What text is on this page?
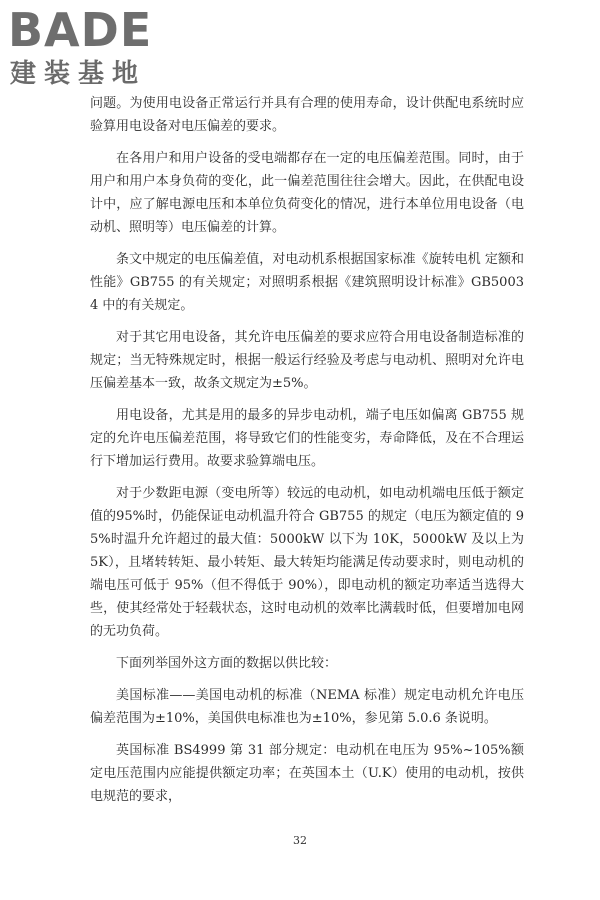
BADE
建装基地

问题。为使用电设备正常运行并具有合理的使用寿命，设计供配电系统时应验算用电设备对电压偏差的要求。

在各用户和用户设备的受电端都存在一定的电压偏差范围。同时，由于用户和用户本身负荷的变化，此一偏差范围往往会增大。因此，在供配电设计中，应了解电源电压和本单位负荷变化的情况，进行本单位用电设备（电动机、照明等）电压偏差的计算。

条文中规定的电压偏差值，对电动机系根据国家标准《旋转电机 定额和性能》GB755 的有关规定；对照明系根据《建筑照明设计标准》GB50034 中的有关规定。

对于其它用电设备，其允许电压偏差的要求应符合用电设备制造标准的规定；当无特殊规定时，根据一般运行经验及考虑与电动机、照明对允许电压偏差基本一致，故条文规定为±5%。

用电设备，尤其是用的最多的异步电动机，端子电压如偏离 GB755 规定的允许电压偏差范围，将导致它们的性能变劣，寿命降低，及在不合理运行下增加运行费用。故要求验算端电压。

对于少数距电源（变电所等）较远的电动机，如电动机端电压低于额定值的95%时，仍能保证电动机温升符合 GB755 的规定（电压为额定值的 95%时温升允许超过的最大值：5000kW 以下为 10K，5000kW 及以上为 5K），且堵转转矩、最小转矩、最大转矩均能满足传动要求时，则电动机的端电压可低于 95%（但不得低于 90%），即电动机的额定功率适当选得大些，使其经常处于轻载状态，这时电动机的效率比满载时低，但要增加电网的无功负荷。

下面列举国外这方面的数据以供比较：

美国标准——美国电动机的标准（NEMA 标准）规定电动机允许电压偏差范围为±10%，美国供电标准也为±10%，参见第 5.0.6 条说明。

英国标准 BS4999 第 31 部分规定：电动机在电压为 95%~105%额定电压范围内应能提供额定功率；在英国本土（U.K）使用的电动机，按供电规范的要求，

32
